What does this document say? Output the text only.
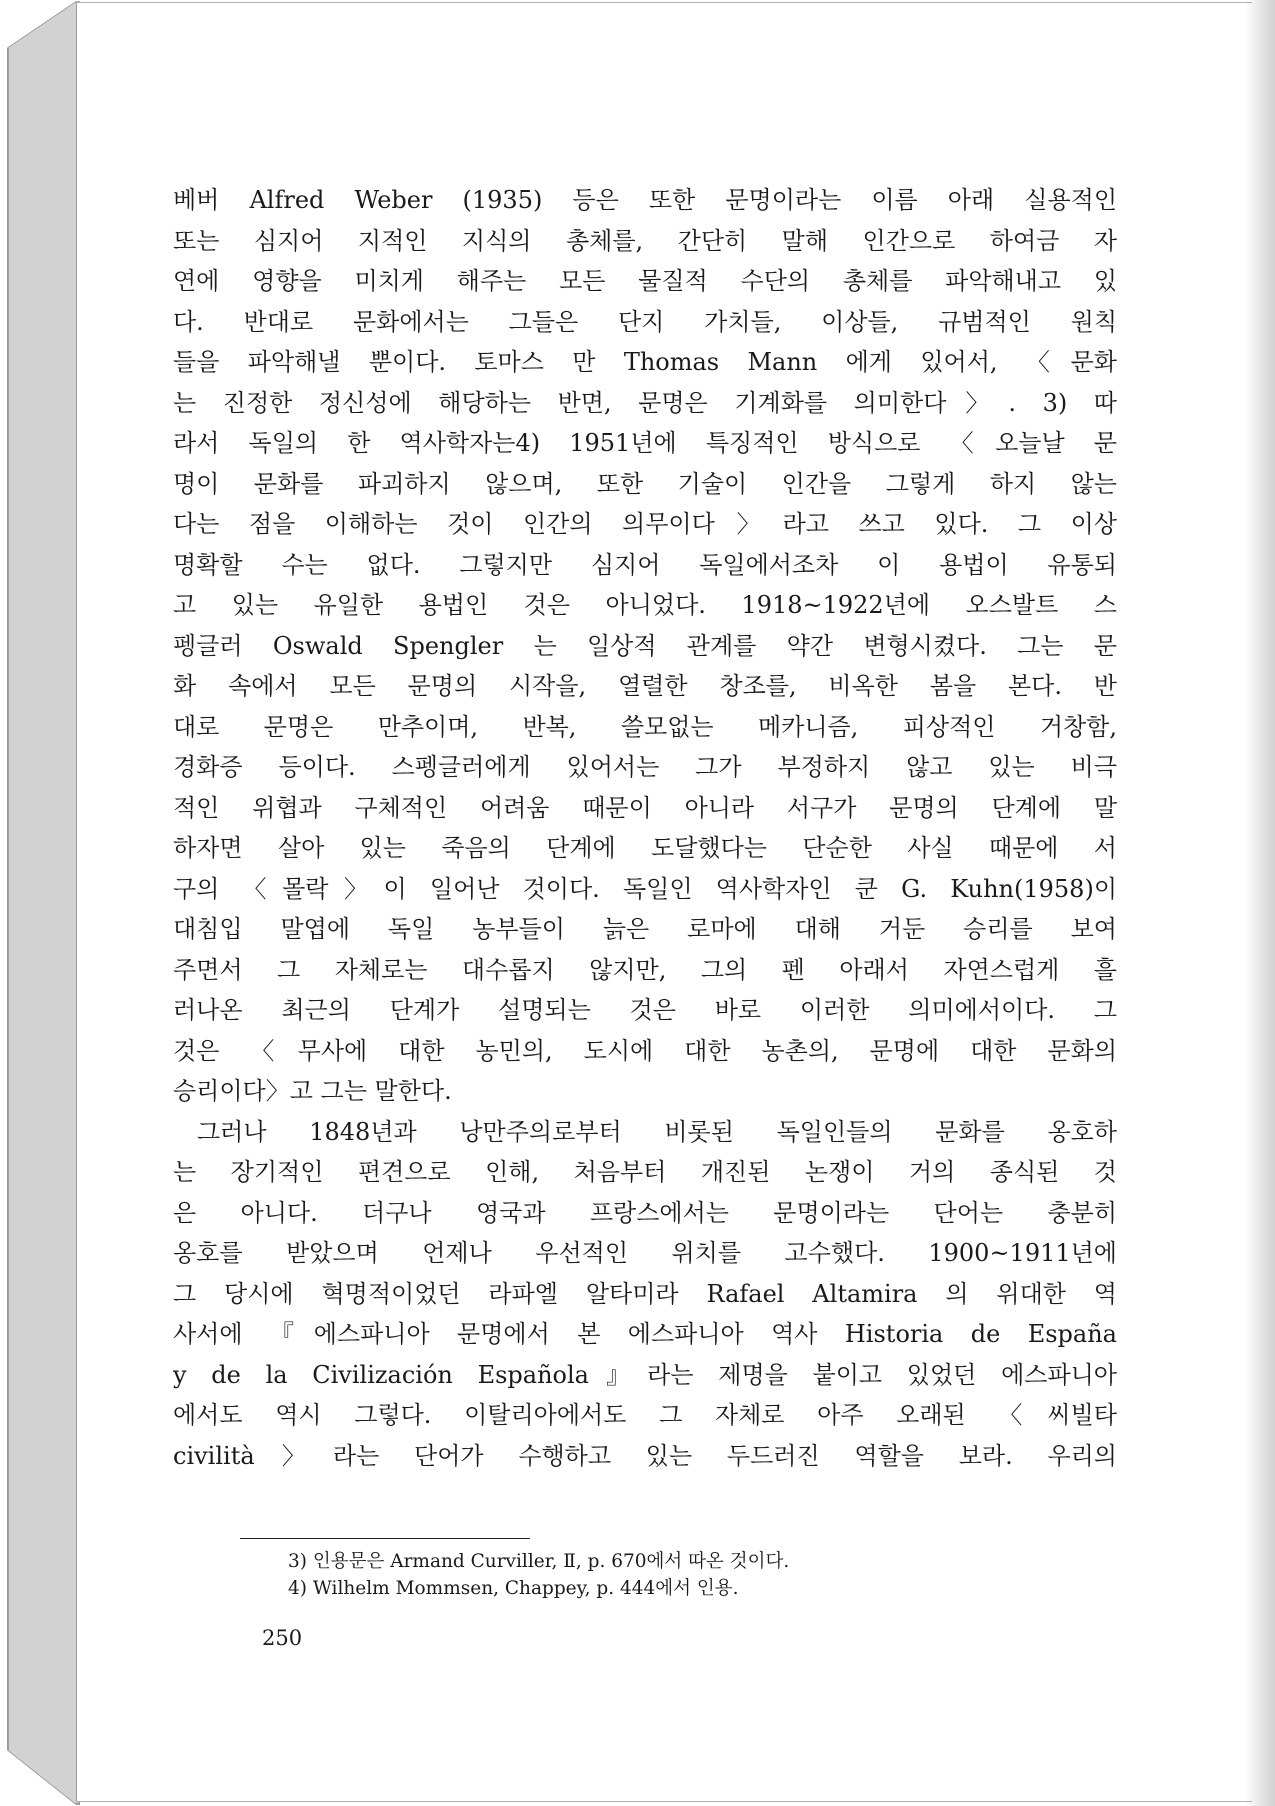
베버 Alfred Weber (1935) 등은 또한 문명이라는 이름 아래 실용적인
또는 심지어 지적인 지식의 총체를, 간단히 말해 인간으로 하여금 자
연에 영향을 미치게 해주는 모든 물질적 수단의 총체를 파악해내고 있
다. 반대로 문화에서는 그들은 단지 가치들, 이상들, 규범적인 원칙
들을 파악해낼 뿐이다. 토마스 만 Thomas Mann 에게 있어서, 〈문화
는 진정한 정신성에 해당하는 반면, 문명은 기계화를 의미한다〉. 3) 따
라서 독일의 한 역사학자는4) 1951년에 특징적인 방식으로 〈오늘날 문
명이 문화를 파괴하지 않으며, 또한 기술이 인간을 그렇게 하지 않는
다는 점을 이해하는 것이 인간의 의무이다〉라고 쓰고 있다. 그 이상
명확할 수는 없다. 그렇지만 심지어 독일에서조차 이 용법이 유통되
고 있는 유일한 용법인 것은 아니었다. 1918~1922년에 오스발트 스
펭글러 Oswald Spengler 는 일상적 관계를 약간 변형시켰다. 그는 문
화 속에서 모든 문명의 시작을, 열렬한 창조를, 비옥한 봄을 본다. 반
대로 문명은 만추이며, 반복, 쓸모없는 메카니즘, 피상적인 거창함,
경화증 등이다. 스펭글러에게 있어서는 그가 부정하지 않고 있는 비극
적인 위협과 구체적인 어려움 때문이 아니라 서구가 문명의 단계에 말
하자면 살아 있는 죽음의 단계에 도달했다는 단순한 사실 때문에 서
구의 〈몰락〉이 일어난 것이다. 독일인 역사학자인 쿤 G. Kuhn(1958)이
대침입 말엽에 독일 농부들이 늙은 로마에 대해 거둔 승리를 보여
주면서 그 자체로는 대수롭지 않지만, 그의 펜 아래서 자연스럽게 흘
러나온 최근의 단계가 설명되는 것은 바로 이러한 의미에서이다. 그
것은 〈무사에 대한 농민의, 도시에 대한 농촌의, 문명에 대한 문화의
승리이다〉고 그는 말한다.
그러나 1848년과 낭만주의로부터 비롯된 독일인들의 문화를 옹호하
는 장기적인 편견으로 인해, 처음부터 개진된 논쟁이 거의 종식된 것
은 아니다. 더구나 영국과 프랑스에서는 문명이라는 단어는 충분히
옹호를 받았으며 언제나 우선적인 위치를 고수했다. 1900~1911년에
그 당시에 혁명적이었던 라파엘 알타미라 Rafael Altamira 의 위대한 역
사서에 『에스파니아 문명에서 본 에스파니아 역사 Historia de España
y de la Civilización Española』라는 제명을 붙이고 있었던 에스파니아
에서도 역시 그렇다. 이탈리아에서도 그 자체로 아주 오래된 〈씨빌타
civilità〉라는 단어가 수행하고 있는 두드러진 역할을 보라. 우리의
3) 인용문은 Armand Curviller, Ⅱ, p. 670에서 따온 것이다.
4) Wilhelm Mommsen, Chappey, p. 444에서 인용.
250
